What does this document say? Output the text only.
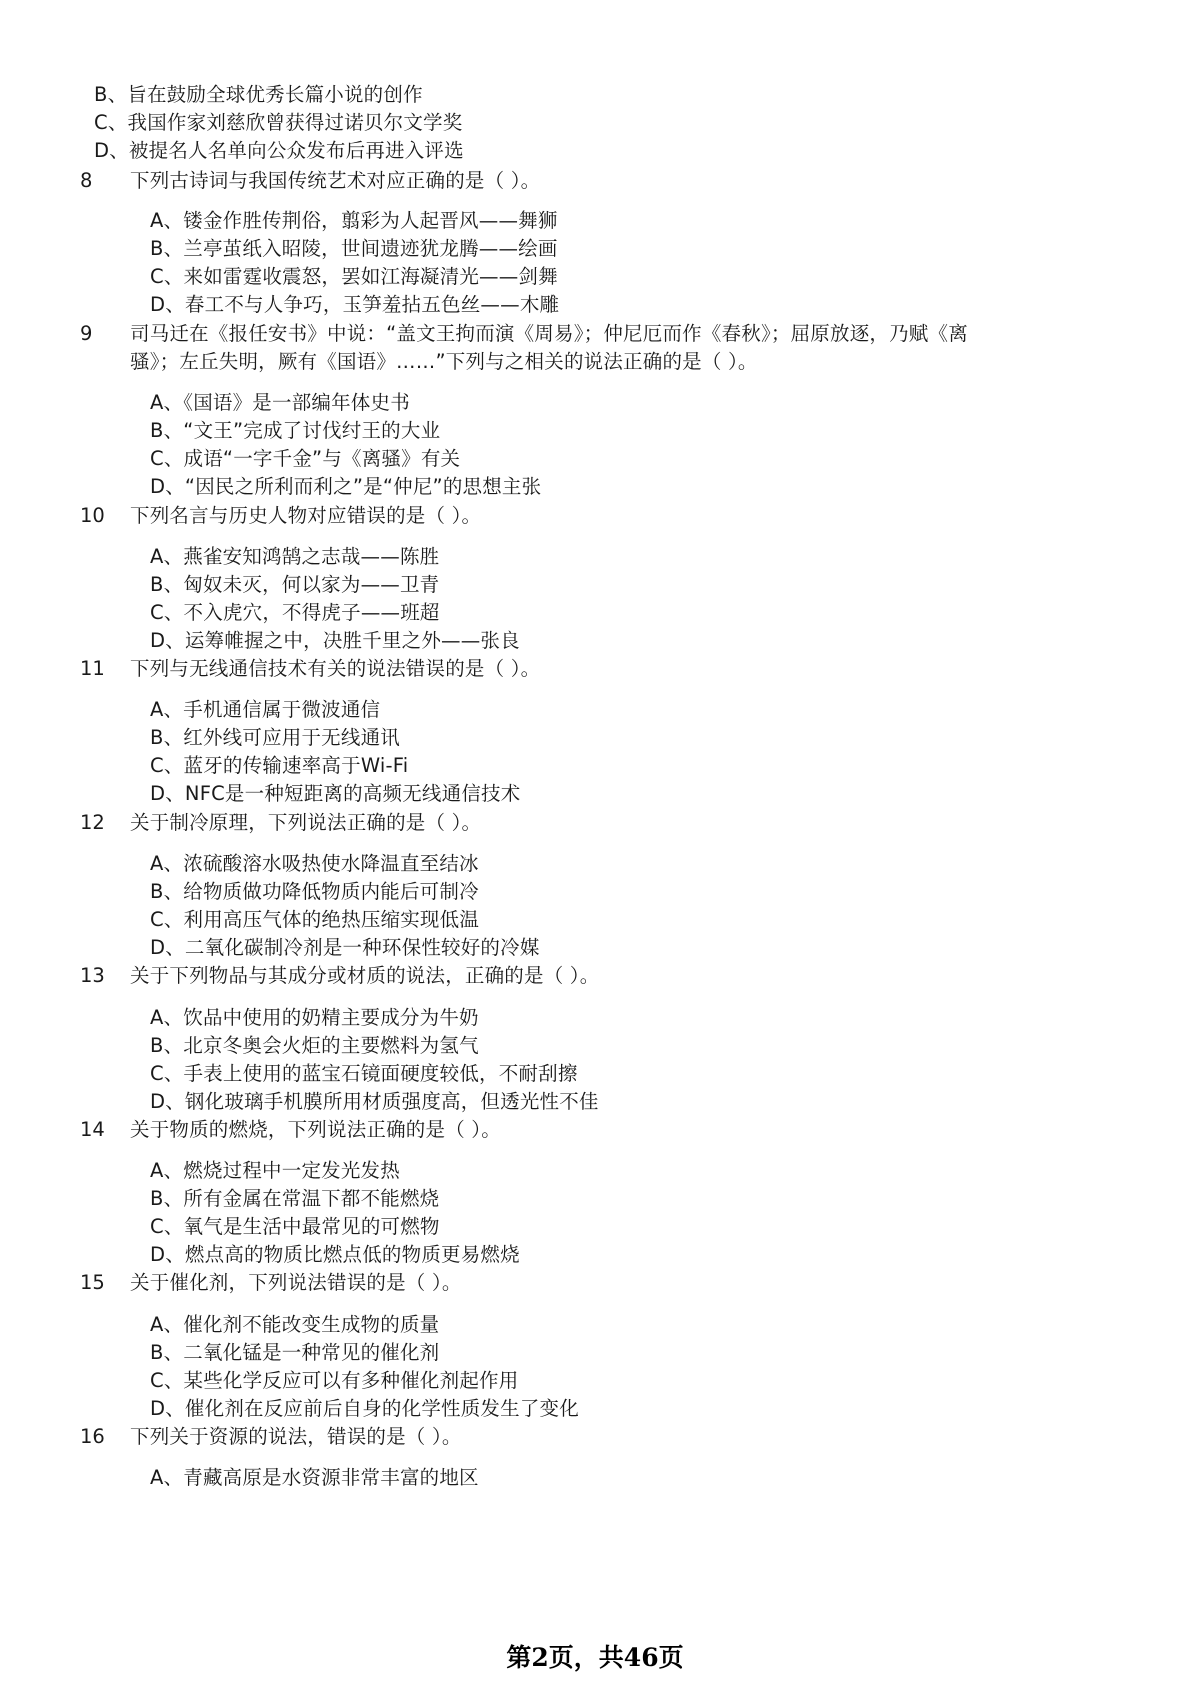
B、旨在鼓励全球优秀长篇小说的创作
C、我国作家刘慈欣曾获得过诺贝尔文学奖
D、被提名人名单向公众发布后再进入评选
8 下列古诗词与我国传统艺术对应正确的是（ ）。
A、镂金作胜传荆俗，翦彩为人起晋风——舞狮
B、兰亭茧纸入昭陵，世间遗迹犹龙腾——绘画
C、来如雷霆收震怒，罢如江海凝清光——剑舞
D、春工不与人争巧，玉笋羞拈五色丝——木雕
9 司马迁在《报任安书》中说：“盖文王拘而演《周易》；仲尼厄而作《春秋》；屈原放逐，乃赋《离
骚》；左丘失明，厥有《国语》……”下列与之相关的说法正确的是（ ）。
A、《国语》是一部编年体史书
B、“文王”完成了讨伐纣王的大业
C、成语“一字千金”与《离骚》有关
D、“因民之所利而利之”是“仲尼”的思想主张
10 下列名言与历史人物对应错误的是（ ）。
A、燕雀安知鸿鹄之志哉——陈胜
B、匈奴未灭，何以家为——卫青
C、不入虎穴，不得虎子——班超
D、运筹帷握之中，决胜千里之外——张良
11 下列与无线通信技术有关的说法错误的是（ ）。
A、手机通信属于微波通信
B、红外线可应用于无线通讯
C、蓝牙的传输速率高于Wi-Fi
D、NFC是一种短距离的高频无线通信技术
12 关于制冷原理，下列说法正确的是（ ）。
A、浓硫酸溶水吸热使水降温直至结冰
B、给物质做功降低物质内能后可制冷
C、利用高压气体的绝热压缩实现低温
D、二氧化碳制冷剂是一种环保性较好的冷媒
13 关于下列物品与其成分或材质的说法，正确的是（ ）。
A、饮品中使用的奶精主要成分为牛奶
B、北京冬奥会火炬的主要燃料为氢气
C、手表上使用的蓝宝石镜面硬度较低，不耐刮擦
D、钢化玻璃手机膜所用材质强度高，但透光性不佳
14 关于物质的燃烧，下列说法正确的是（ ）。
A、燃烧过程中一定发光发热
B、所有金属在常温下都不能燃烧
C、氧气是生活中最常见的可燃物
D、燃点高的物质比燃点低的物质更易燃烧
15 关于催化剂，下列说法错误的是（ ）。
A、催化剂不能改变生成物的质量
B、二氧化锰是一种常见的催化剂
C、某些化学反应可以有多种催化剂起作用
D、催化剂在反应前后自身的化学性质发生了变化
16 下列关于资源的说法，错误的是（ ）。
A、青藏高原是水资源非常丰富的地区
第2页，共46页
